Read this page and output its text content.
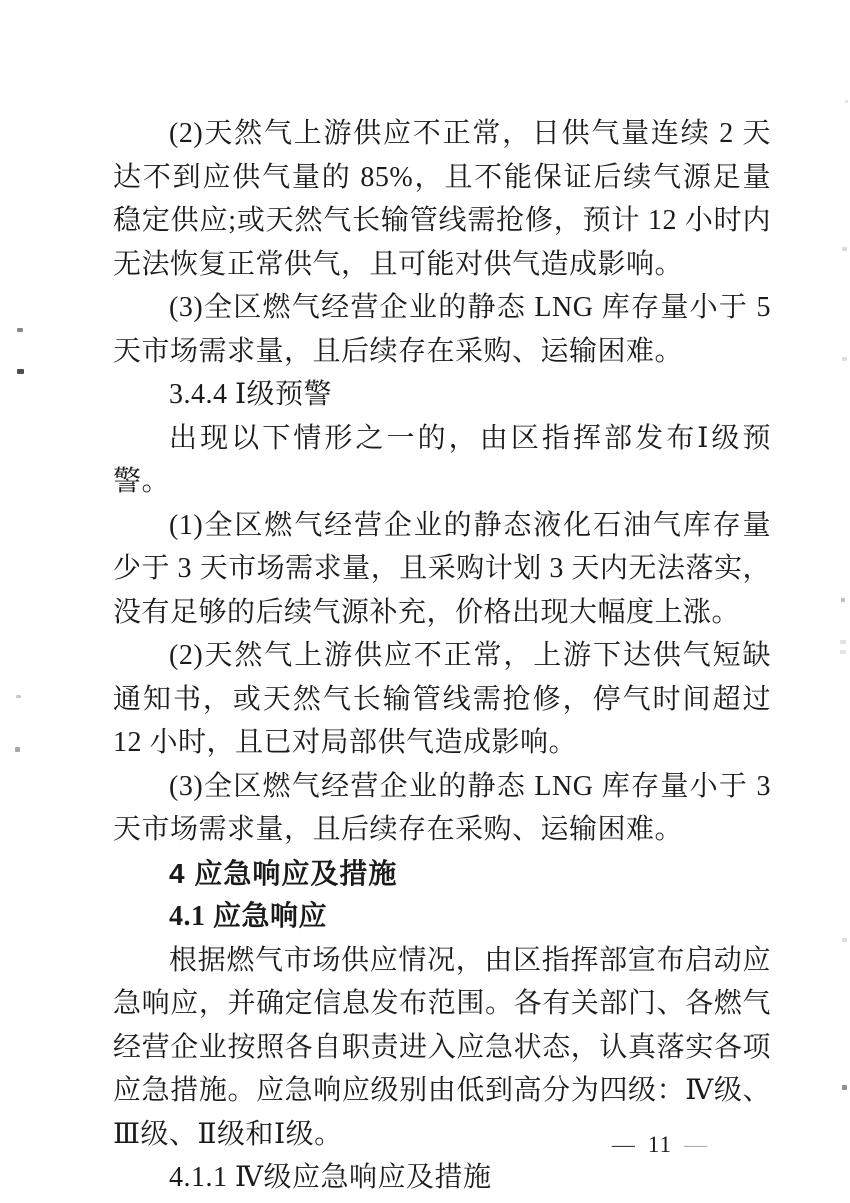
(2)天然气上游供应不正常，日供气量连续 2 天达不到应供气量的 85%，且不能保证后续气源足量稳定供应;或天然气长输管线需抢修，预计 12 小时内无法恢复正常供气，且可能对供气造成影响。

(3)全区燃气经营企业的静态 LNG 库存量小于 5 天市场需求量，且后续存在采购、运输困难。

3.4.4 Ⅰ级预警

出现以下情形之一的，由区指挥部发布Ⅰ级预警。

(1)全区燃气经营企业的静态液化石油气库存量少于 3 天市场需求量，且采购计划 3 天内无法落实，没有足够的后续气源补充，价格出现大幅度上涨。

(2)天然气上游供应不正常，上游下达供气短缺通知书，或天然气长输管线需抢修，停气时间超过 12 小时，且已对局部供气造成影响。

(3)全区燃气经营企业的静态 LNG 库存量小于 3 天市场需求量，且后续存在采购、运输困难。

4 应急响应及措施

4.1 应急响应

根据燃气市场供应情况，由区指挥部宣布启动应急响应，并确定信息发布范围。各有关部门、各燃气经营企业按照各自职责进入应急状态，认真落实各项应急措施。应急响应级别由低到高分为四级：Ⅳ级、Ⅲ级、Ⅱ级和Ⅰ级。

4.1.1 Ⅳ级应急响应及措施

— 11 —
